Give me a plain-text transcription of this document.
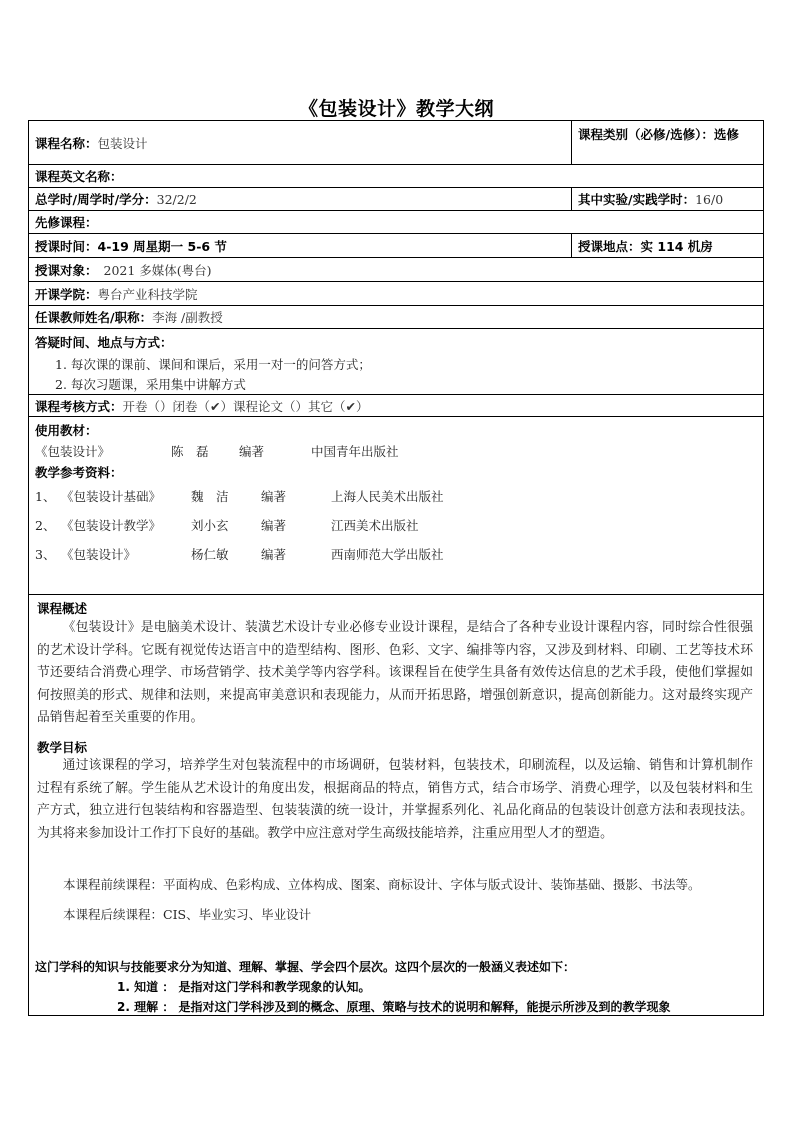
《包装设计》教学大纲
课程名称： 包装设计
课程类别（必修/选修）：选修
课程英文名称：
总学时/周学时/学分： 32/2/2	其中实验/实践学时： 16/0
先修课程：
授课时间： 4-19 周星期一 5-6 节	授课地点： 实 114 机房
授课对象： 2021 多媒体(粤台)
开课学院： 粤台产业科技学院
任课教师姓名/职称： 李海 /副教授
答疑时间、地点与方式：
1. 每次课的课前、课间和课后，采用一对一的问答方式；
2. 每次习题课，采用集中讲解方式
课程考核方式： 开卷（）闭卷（✔）课程论文（）其它（✔）
使用教材：
《包装设计》	陈　磊 编著	中国青年出版社
教学参考资料：
1、 《包装设计基础》 魏　洁	编著	上海人民美术出版社
2、 《包装设计教学》 刘小玄	编著	江西美术出版社
3、 《包装设计》	杨仁敏	编著	西南师范大学出版社
课程概述

《包装设计》是电脑美术设计、装潢艺术设计专业必修专业设计课程，是结合了各种专业设计课程内容，同时综合性很强的艺术设计学科。它既有视觉传达语言中的造型结构、图形、色彩、文字、编排等内容，又涉及到材料、印刷、工艺等技术环节还要结合消费心理学、市场营销学、技术美学等内容学科。该课程旨在使学生具备有效传达信息的艺术手段，使他们掌握如何按照美的形式、规律和法则，来提高审美意识和表现能力，从而开拓思路，增强创新意识，提高创新能力。这对最终实现产品销售起着至关重要的作用。

教学目标

通过该课程的学习，培养学生对包装流程中的市场调研，包装材料，包装技术，印刷流程，以及运输、销售和计算机制作过程有系统了解。学生能从艺术设计的角度出发，根据商品的特点，销售方式，结合市场学、消费心理学，以及包装材料和生产方式，独立进行包装结构和容器造型、包装装潢的统一设计，并掌握系列化、礼品化商品的包装设计创意方法和表现技法。为其将来参加设计工作打下良好的基础。教学中应注意对学生高级技能培养，注重应用型人才的塑造。

本课程前续课程：平面构成、色彩构成、立体构成、图案、商标设计、字体与版式设计、装饰基础、摄影、书法等。
本课程后续课程：CIS、毕业实习、毕业设计
这门学科的知识与技能要求分为知道、理解、掌握、学会四个层次。这四个层次的一般涵义表述如下：
1. 知道 ： 是指对这门学科和教学现象的认知。
2. 理解 ： 是指对这门学科涉及到的概念、原理、策略与技术的说明和解释，能提示所涉及到的教学现象
